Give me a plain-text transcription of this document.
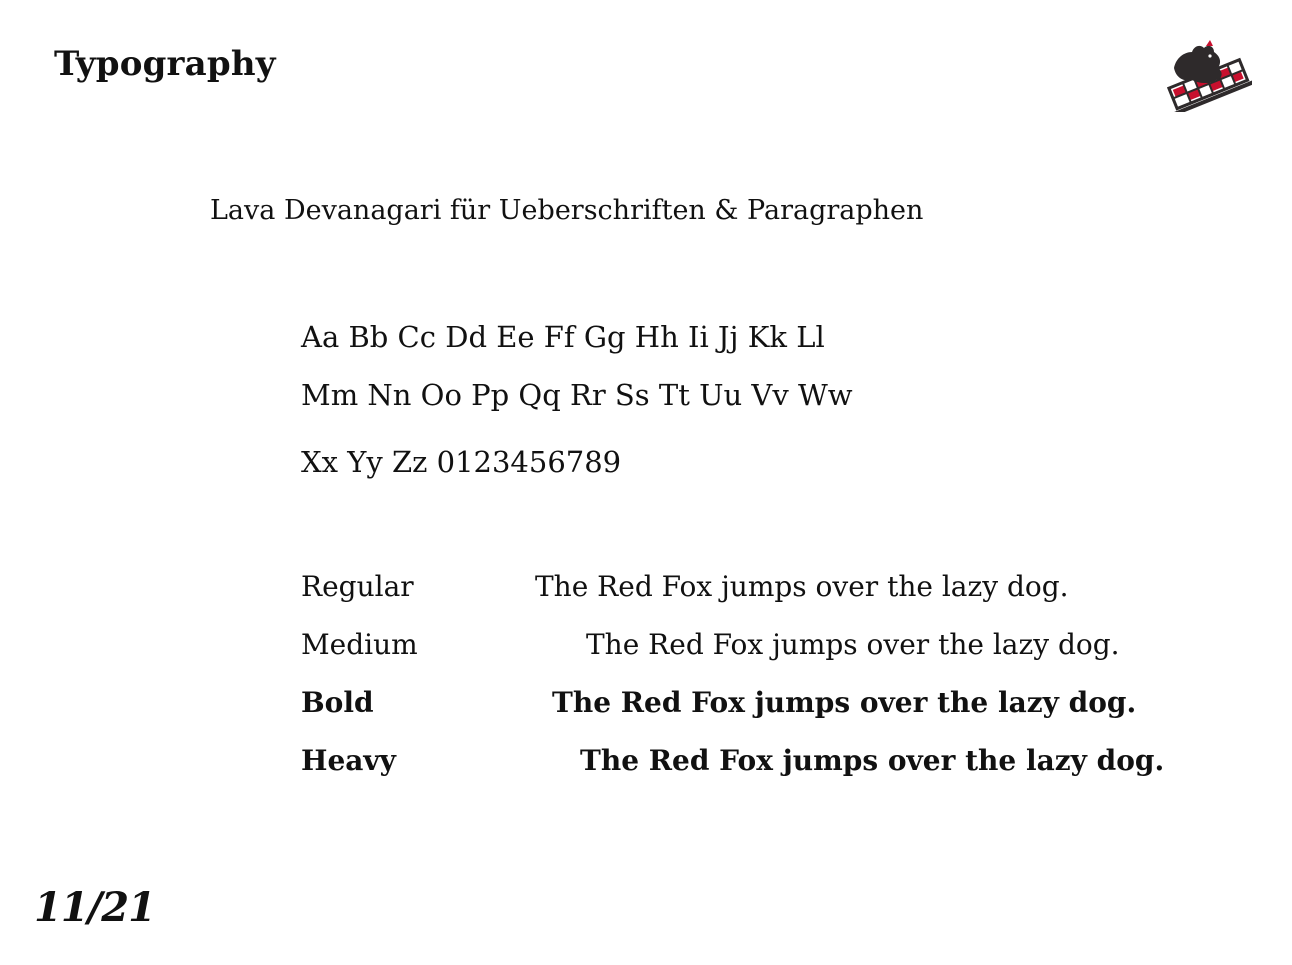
Typography
Lava Devanagari für Ueberschriften & Paragraphen
Aa Bb Cc Dd Ee Ff Gg Hh Ii Jj Kk Ll
Mm Nn Oo Pp Qq Rr Ss Tt Uu Vv Ww
Xx Yy Zz 0123456789
Regular	The Red Fox jumps over the lazy dog.
Medium	The Red Fox jumps over the lazy dog.
Bold	The Red Fox jumps over the lazy dog.
Heavy	The Red Fox jumps over the lazy dog.
11/21
